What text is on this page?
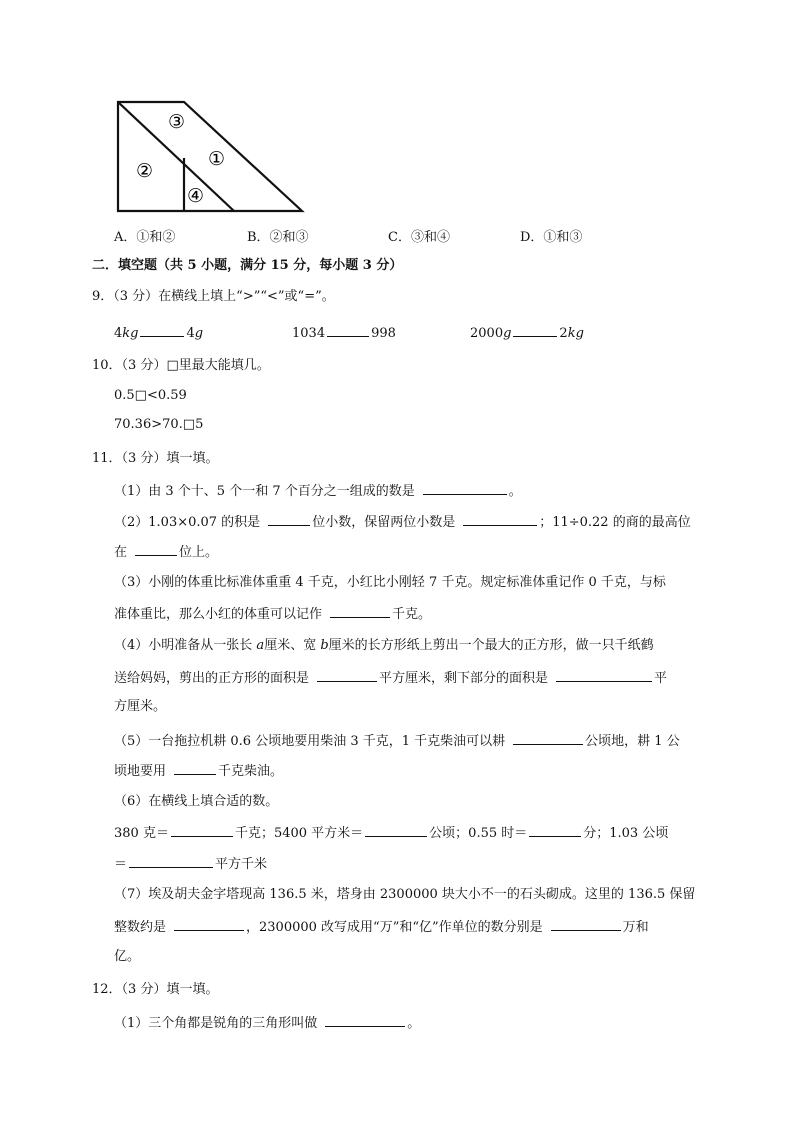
③
②
①
④
A．①和②	B．②和③	C．③和④	D．①和③
二．填空题（共 5 小题，满分 15 分，每小题 3 分）
9．（3 分）在横线上填上“>”“<”或“=”。
4kg	4g	1034	998	2000g	2kg
10．（3 分）□里最大能填几。
0.5□<0.59
70.36>70.□5
11．（3 分）填一填。
（1）由 3 个十、5 个一和 7 个百分之一组成的数是	。
（2）1.03×0.07 的积是	位小数，保留两位小数是	；11÷0.22 的商的最高位
在	位上。
（3）小刚的体重比标准体重重 4 千克，小红比小刚轻 7 千克。规定标准体重记作 0 千克，与标
准体重比，那么小红的体重可以记作	千克。
（4）小明准备从一张长 a厘米、宽 b厘米的长方形纸上剪出一个最大的正方形，做一只千纸鹤
送给妈妈，剪出的正方形的面积是	平方厘米，剩下部分的面积是	平
方厘米。
（5）一台拖拉机耕 0.6 公顷地要用柴油 3 千克，1 千克柴油可以耕	公顷地，耕 1 公
顷地要用	千克柴油。
（6）在横线上填合适的数。
380 克＝	千克；5400 平方米＝	公顷；0.55 时＝	分；1.03 公顷
＝	平方千米
（7）埃及胡夫金字塔现高 136.5 米，塔身由 2300000 块大小不一的石头砌成。这里的 136.5 保留
整数约是	，2300000 改写成用“万”和“亿”作单位的数分别是	万和
亿。
12．（3 分）填一填。
（1）三个角都是锐角的三角形叫做	。
